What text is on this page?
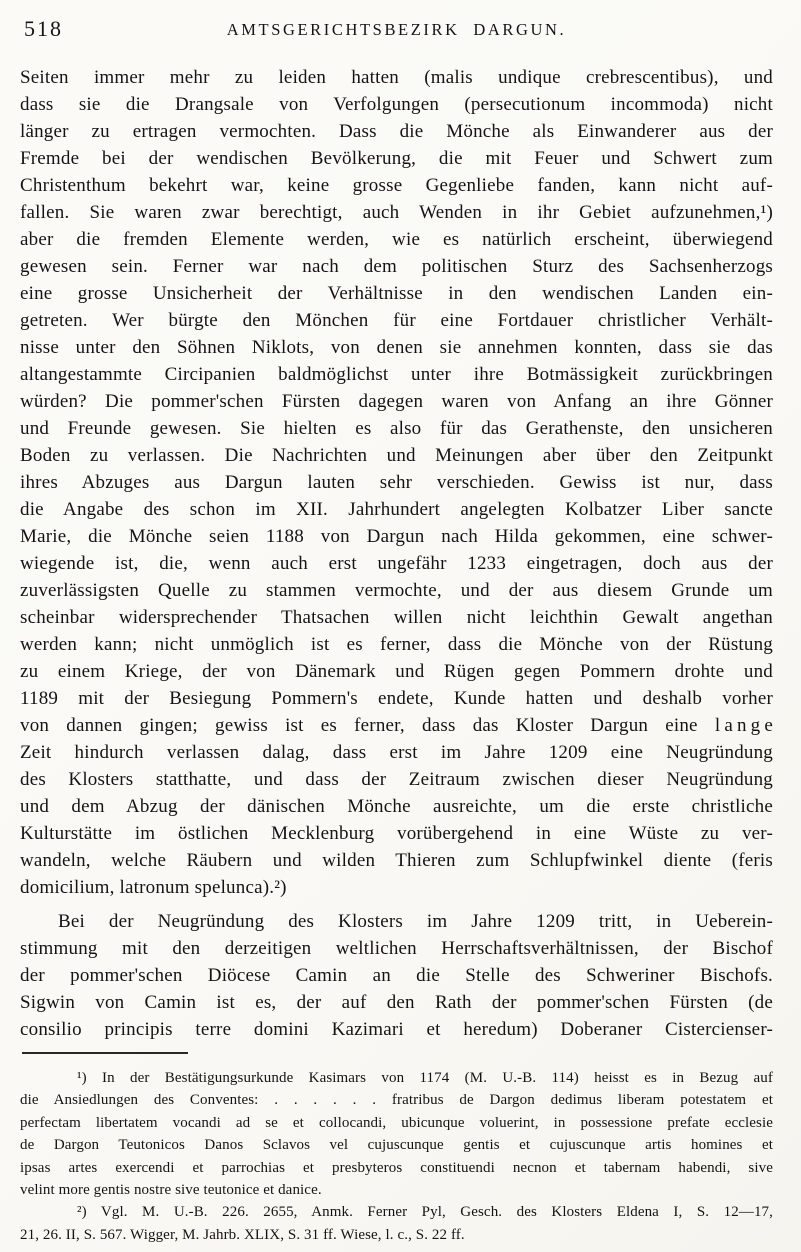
518	AMTSGERICHTSBEZIRK DARGUN.
Seiten immer mehr zu leiden hatten (malis undique crebrescentibus), und
dass sie die Drangsale von Verfolgungen (persecutionum incommoda) nicht
länger zu ertragen vermochten. Dass die Mönche als Einwanderer aus der
Fremde bei der wendischen Bevölkerung, die mit Feuer und Schwert zum
Christenthum bekehrt war, keine grosse Gegenliebe fanden, kann nicht auf-
fallen. Sie waren zwar berechtigt, auch Wenden in ihr Gebiet aufzunehmen,¹)
aber die fremden Elemente werden, wie es natürlich erscheint, überwiegend
gewesen sein. Ferner war nach dem politischen Sturz des Sachsenherzogs
eine grosse Unsicherheit der Verhältnisse in den wendischen Landen ein-
getreten. Wer bürgte den Mönchen für eine Fortdauer christlicher Verhält-
nisse unter den Söhnen Niklots, von denen sie annehmen konnten, dass sie das
altangestammte Circipanien baldmöglichst unter ihre Botmässigkeit zurückbringen
würden? Die pommer'schen Fürsten dagegen waren von Anfang an ihre Gönner
und Freunde gewesen. Sie hielten es also für das Gerathenste, den unsicheren
Boden zu verlassen. Die Nachrichten und Meinungen aber über den Zeitpunkt
ihres Abzuges aus Dargun lauten sehr verschieden. Gewiss ist nur, dass
die Angabe des schon im XII. Jahrhundert angelegten Kolbatzer Liber sancte
Marie, die Mönche seien 1188 von Dargun nach Hilda gekommen, eine schwer-
wiegende ist, die, wenn auch erst ungefähr 1233 eingetragen, doch aus der
zuverlässigsten Quelle zu stammen vermochte, und der aus diesem Grunde um
scheinbar widersprechender Thatsachen willen nicht leichthin Gewalt angethan
werden kann; nicht unmöglich ist es ferner, dass die Mönche von der Rüstung
zu einem Kriege, der von Dänemark und Rügen gegen Pommern drohte und
1189 mit der Besiegung Pommern's endete, Kunde hatten und deshalb vorher
von dannen gingen; gewiss ist es ferner, dass das Kloster Dargun eine l a n g e
Zeit hindurch verlassen dalag, dass erst im Jahre 1209 eine Neugründung
des Klosters statthatte, und dass der Zeitraum zwischen dieser Neugründung
und dem Abzug der dänischen Mönche ausreichte, um die erste christliche
Kulturstätte im östlichen Mecklenburg vorübergehend in eine Wüste zu ver-
wandeln, welche Räubern und wilden Thieren zum Schlupfwinkel diente (feris
domicilium, latronum spelunca).²)
Bei der Neugründung des Klosters im Jahre 1209 tritt, in Ueberein-
stimmung mit den derzeitigen weltlichen Herrschaftsverhältnissen, der Bischof
der pommer'schen Diöcese Camin an die Stelle des Schweriner Bischofs.
Sigwin von Camin ist es, der auf den Rath der pommer'schen Fürsten (de
consilio principis terre domini Kazimari et heredum) Doberaner Cistercienser-
¹) In der Bestätigungsurkunde Kasimars von 1174 (M. U.-B. 114) heisst es in Bezug auf
die Ansiedlungen des Conventes: . . . . . . fratribus de Dargon dedimus liberam potestatem et
perfectam libertatem vocandi ad se et collocandi, ubicunque voluerint, in possessione prefate ecclesie
de Dargon Teutonicos Danos Sclavos vel cujuscunque gentis et cujuscunque artis homines et
ipsas artes exercendi et parrochias et presbyteros constituendi necnon et tabernam habendi, sive
velint more gentis nostre sive teutonice et danice.
²) Vgl. M. U.-B. 226. 2655, Anmk. Ferner Pyl, Gesch. des Klosters Eldena I, S. 12—17,
21, 26. II, S. 567. Wigger, M. Jahrb. XLIX, S. 31 ff. Wiese, l. c., S. 22 ff.
